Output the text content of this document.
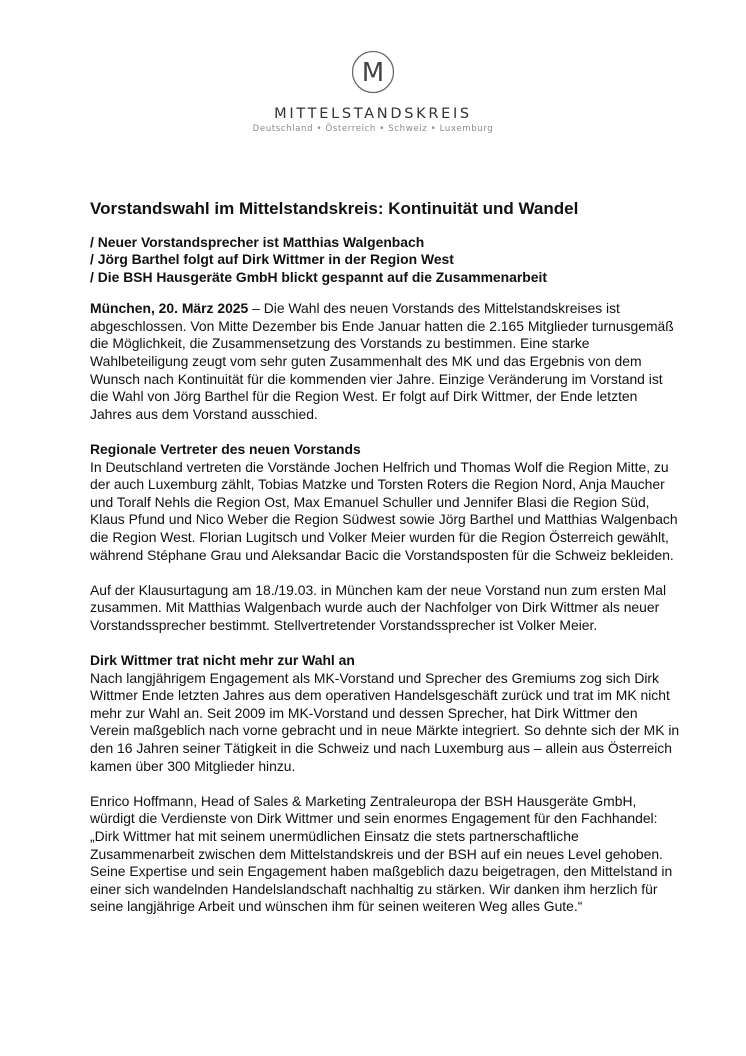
M
MITTELSTANDSKREIS
Deutschland • Österreich • Schweiz • Luxemburg
Vorstandswahl im Mittelstandskreis: Kontinuität und Wandel
/ Neuer Vorstandsprecher ist Matthias Walgenbach
/ Jörg Barthel folgt auf Dirk Wittmer in der Region West
/ Die BSH Hausgeräte GmbH blickt gespannt auf die Zusammenarbeit

München, 20. März 2025 – Die Wahl des neuen Vorstands des Mittelstandskreises ist abgeschlossen. Von Mitte Dezember bis Ende Januar hatten die 2.165 Mitglieder turnusgemäß die Möglichkeit, die Zusammensetzung des Vorstands zu bestimmen. Eine starke Wahlbeteiligung zeugt vom sehr guten Zusammenhalt des MK und das Ergebnis von dem Wunsch nach Kontinuität für die kommenden vier Jahre. Einzige Veränderung im Vorstand ist die Wahl von Jörg Barthel für die Region West. Er folgt auf Dirk Wittmer, der Ende letzten Jahres aus dem Vorstand ausschied.

Regionale Vertreter des neuen Vorstands

In Deutschland vertreten die Vorstände Jochen Helfrich und Thomas Wolf die Region Mitte, zu der auch Luxemburg zählt, Tobias Matzke und Torsten Roters die Region Nord, Anja Maucher und Toralf Nehls die Region Ost, Max Emanuel Schuller und Jennifer Blasi die Region Süd, Klaus Pfund und Nico Weber die Region Südwest sowie Jörg Barthel und Matthias Walgenbach die Region West. Florian Lugitsch und Volker Meier wurden für die Region Österreich gewählt, während Stéphane Grau und Aleksandar Bacic die Vorstandsposten für die Schweiz bekleiden.

Auf der Klausurtagung am 18./19.03. in München kam der neue Vorstand nun zum ersten Mal zusammen. Mit Matthias Walgenbach wurde auch der Nachfolger von Dirk Wittmer als neuer Vorstandssprecher bestimmt. Stellvertretender Vorstandssprecher ist Volker Meier.

Dirk Wittmer trat nicht mehr zur Wahl an

Nach langjährigem Engagement als MK-Vorstand und Sprecher des Gremiums zog sich Dirk Wittmer Ende letzten Jahres aus dem operativen Handelsgeschäft zurück und trat im MK nicht mehr zur Wahl an. Seit 2009 im MK-Vorstand und dessen Sprecher, hat Dirk Wittmer den Verein maßgeblich nach vorne gebracht und in neue Märkte integriert. So dehnte sich der MK in den 16 Jahren seiner Tätigkeit in die Schweiz und nach Luxemburg aus – allein aus Österreich kamen über 300 Mitglieder hinzu.

Enrico Hoffmann, Head of Sales & Marketing Zentraleuropa der BSH Hausgeräte GmbH, würdigt die Verdienste von Dirk Wittmer und sein enormes Engagement für den Fachhandel: „Dirk Wittmer hat mit seinem unermüdlichen Einsatz die stets partnerschaftliche Zusammenarbeit zwischen dem Mittelstandskreis und der BSH auf ein neues Level gehoben. Seine Expertise und sein Engagement haben maßgeblich dazu beigetragen, den Mittelstand in einer sich wandelnden Handelslandschaft nachhaltig zu stärken. Wir danken ihm herzlich für seine langjährige Arbeit und wünschen ihm für seinen weiteren Weg alles Gute.“
